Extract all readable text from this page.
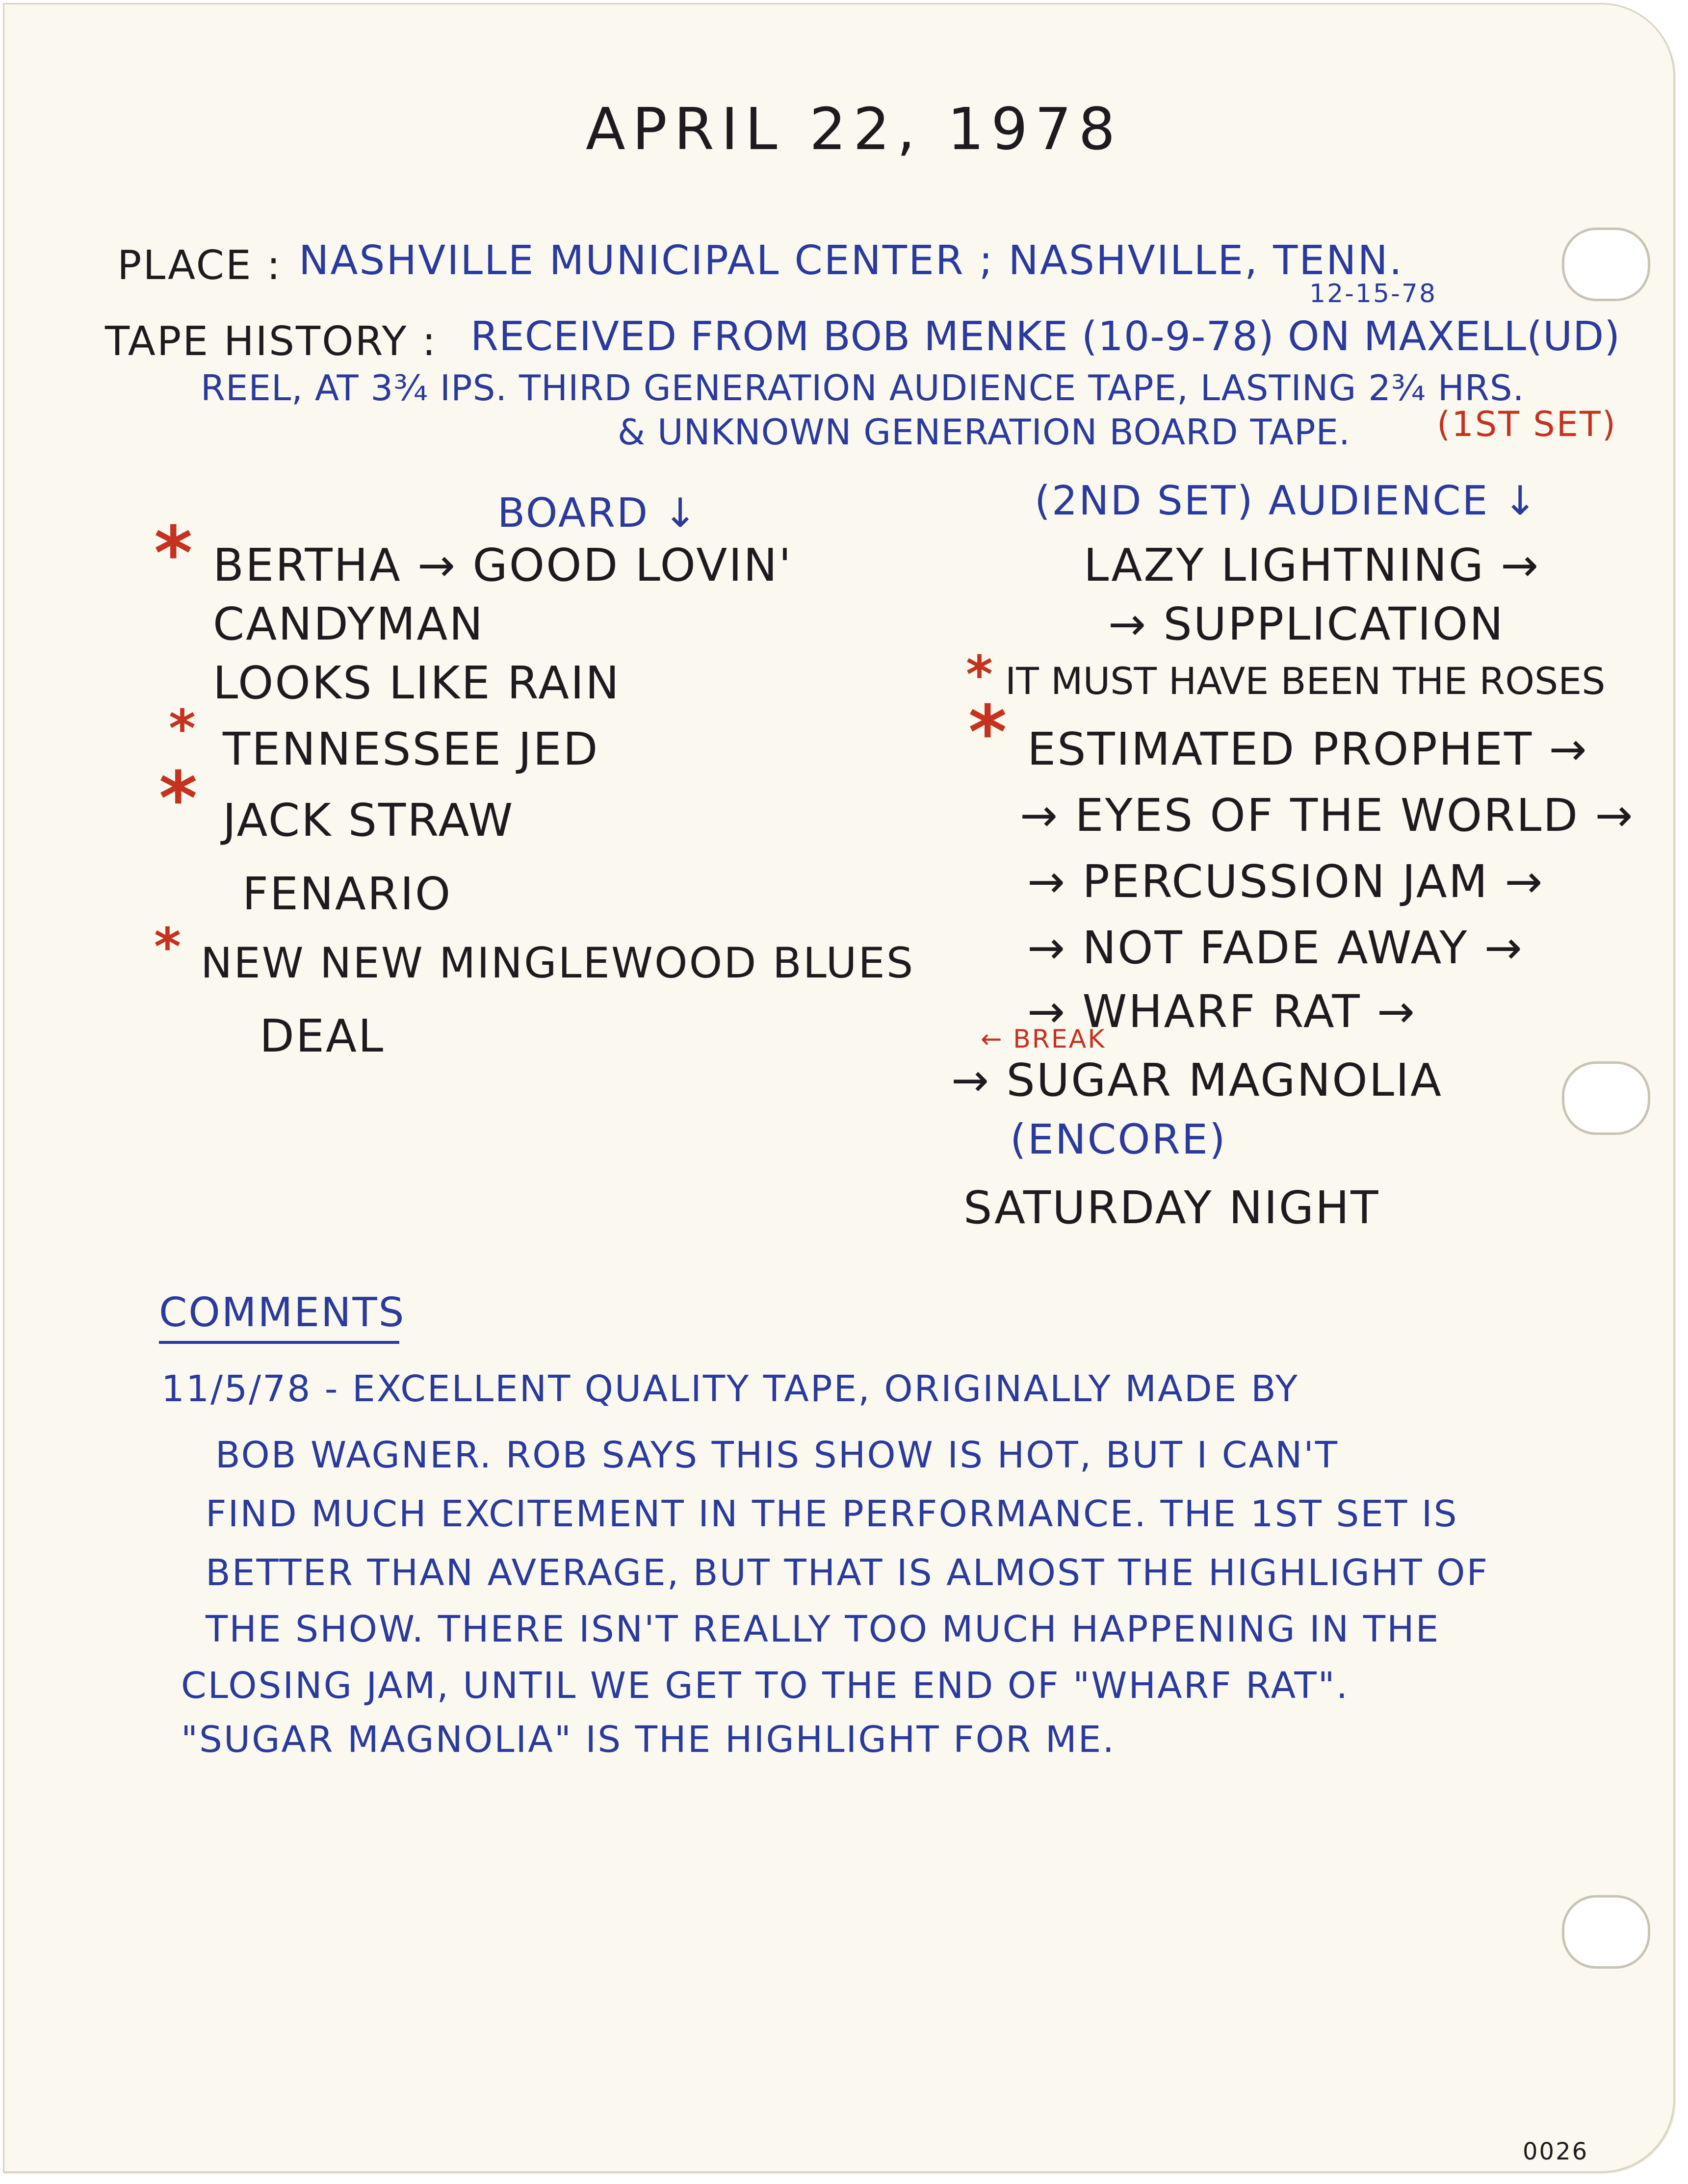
APRIL 22, 1978
PLACE : NASHVILLE MUNICIPAL CENTER ; NASHVILLE, TENN.
TAPE HISTORY :
12-15-78
RECEIVED FROM BOB MENKE (10-9-78) ON MAXELL(UD)
REEL, AT 3¾ IPS. THIRD GENERATION AUDIENCE TAPE, LASTING 2¾ HRS.
& UNKNOWN GENERATION BOARD TAPE.	(1ST SET)
BOARD ↓	(2ND SET) AUDIENCE ↓
* BERTHA → GOOD LOVIN'
CANDYMAN
LOOKS LIKE RAIN
* TENNESSEE JED
* JACK STRAW
FENARIO
* NEW NEW MINGLEWOOD BLUES
DEAL
LAZY LIGHTNING →
→ SUPPLICATION
* IT MUST HAVE BEEN THE ROSES
* ESTIMATED PROPHET →
→ EYES OF THE WORLD →
→ PERCUSSION JAM →
→ NOT FADE AWAY →
→ WHARF RAT →
← BREAK
→ SUGAR MAGNOLIA
(ENCORE)
SATURDAY NIGHT
COMMENTS
11/5/78 - EXCELLENT QUALITY TAPE, ORIGINALLY MADE BY
BOB WAGNER. ROB SAYS THIS SHOW IS HOT, BUT I CAN'T
FIND MUCH EXCITEMENT IN THE PERFORMANCE. THE 1ST SET IS
BETTER THAN AVERAGE, BUT THAT IS ALMOST THE HIGHLIGHT OF
THE SHOW. THERE ISN'T REALLY TOO MUCH HAPPENING IN THE
CLOSING JAM, UNTIL WE GET TO THE END OF "WHARF RAT".
"SUGAR MAGNOLIA" IS THE HIGHLIGHT FOR ME.
0026
